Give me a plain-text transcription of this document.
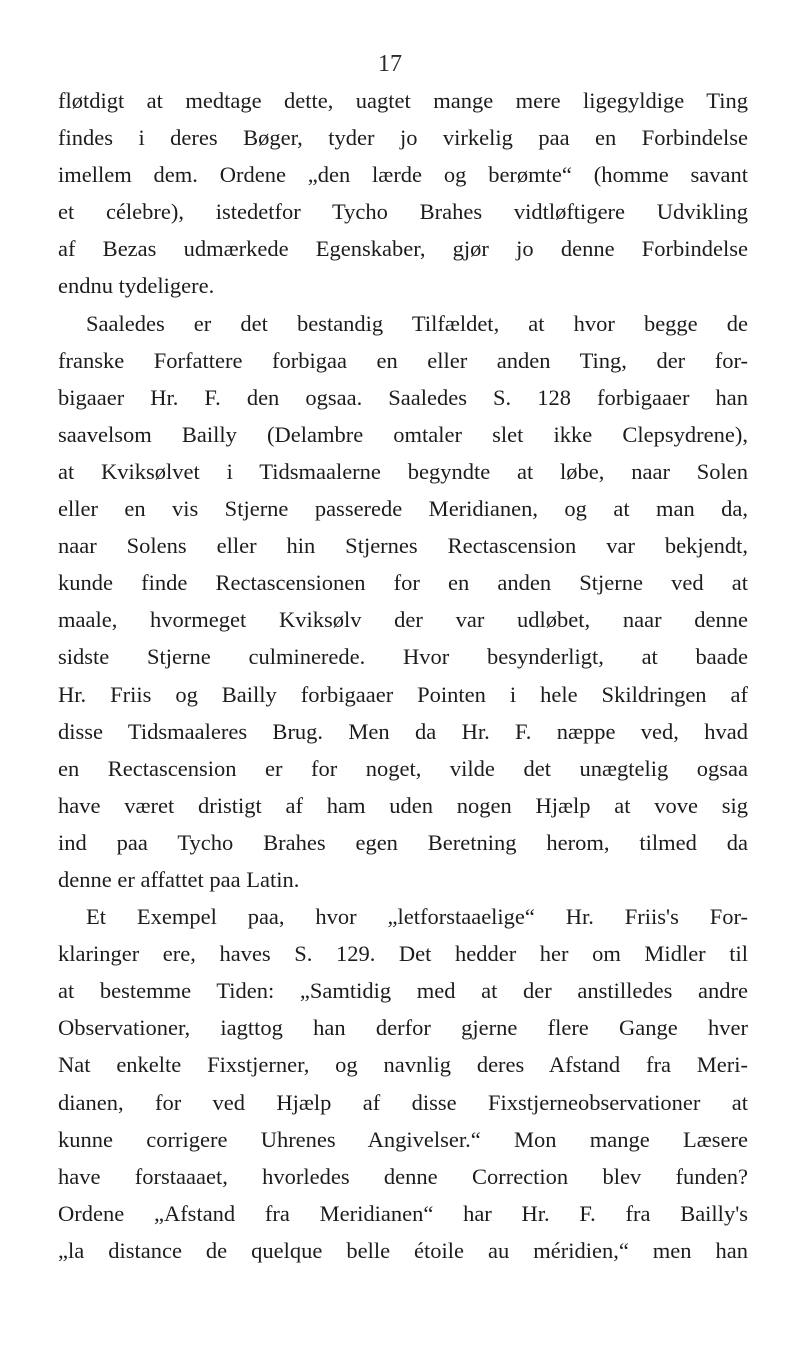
17
fløtdigt at medtage dette, uagtet mange mere ligegyldige Ting
findes i deres Bøger, tyder jo virkelig paa en Forbindelse
imellem dem. Ordene „den lærde og berømte“ (homme savant
et célebre), istedetfor Tycho Brahes vidtløftigere Udvikling
af Bezas udmærkede Egenskaber, gjør jo denne Forbindelse
endnu tydeligere.
Saaledes er det bestandig Tilfældet, at hvor begge de
franske Forfattere forbigaa en eller anden Ting, der for-
bigaaer Hr. F. den ogsaa. Saaledes S. 128 forbigaaer han
saavelsom Bailly (Delambre omtaler slet ikke Clepsydrene),
at Kviksølvet i Tidsmaalerne begyndte at løbe, naar Solen
eller en vis Stjerne passerede Meridianen, og at man da,
naar Solens eller hin Stjernes Rectascension var bekjendt,
kunde finde Rectascensionen for en anden Stjerne ved at
maale, hvormeget Kviksølv der var udløbet, naar denne
sidste Stjerne culminerede. Hvor besynderligt, at baade
Hr. Friis og Bailly forbigaaer Pointen i hele Skildringen af
disse Tidsmaaleres Brug. Men da Hr. F. næppe ved, hvad
en Rectascension er for noget, vilde det unægtelig ogsaa
have været dristigt af ham uden nogen Hjælp at vove sig
ind paa Tycho Brahes egen Beretning herom, tilmed da
denne er affattet paa Latin.
Et Exempel paa, hvor „letforstaaelige“ Hr. Friis's For-
klaringer ere, haves S. 129. Det hedder her om Midler til
at bestemme Tiden: „Samtidig med at der anstilledes andre
Observationer, iagttog han derfor gjerne flere Gange hver
Nat enkelte Fixstjerner, og navnlig deres Afstand fra Meri-
dianen, for ved Hjælp af disse Fixstjerneobservationer at
kunne corrigere Uhrenes Angivelser.“ Mon mange Læsere
have forstaaaet, hvorledes denne Correction blev funden?
Ordene „Afstand fra Meridianen“ har Hr. F. fra Bailly's
„la distance de quelque belle étoile au méridien,“ men han
